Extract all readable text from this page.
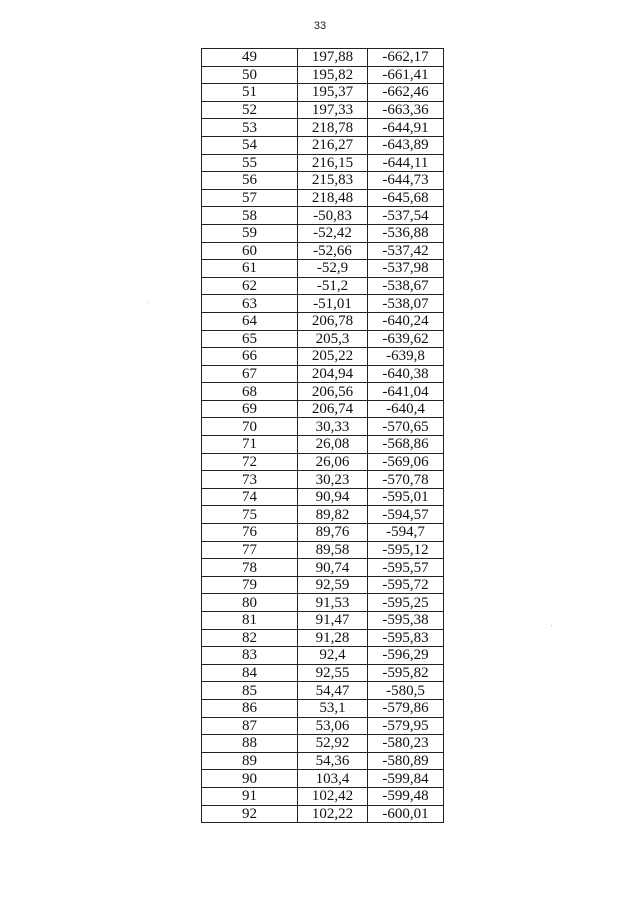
33
49	197,88	-662,17
50	195,82	-661,41
51	195,37	-662,46
52	197,33	-663,36
53	218,78	-644,91
54	216,27	-643,89
55	216,15	-644,11
56	215,83	-644,73
57	218,48	-645,68
58	-50,83	-537,54
59	-52,42	-536,88
60	-52,66	-537,42
61	-52,9	-537,98
62	-51,2	-538,67
63	-51,01	-538,07
64	206,78	-640,24
65	205,3	-639,62
66	205,22	-639,8
67	204,94	-640,38
68	206,56	-641,04
69	206,74	-640,4
70	30,33	-570,65
71	26,08	-568,86
72	26,06	-569,06
73	30,23	-570,78
74	90,94	-595,01
75	89,82	-594,57
76	89,76	-594,7
77	89,58	-595,12
78	90,74	-595,57
79	92,59	-595,72
80	91,53	-595,25
81	91,47	-595,38
82	91,28	-595,83
83	92,4	-596,29
84	92,55	-595,82
85	54,47	-580,5
86	53,1	-579,86
87	53,06	-579,95
88	52,92	-580,23
89	54,36	-580,89
90	103,4	-599,84
91	102,42	-599,48
92	102,22	-600,01
